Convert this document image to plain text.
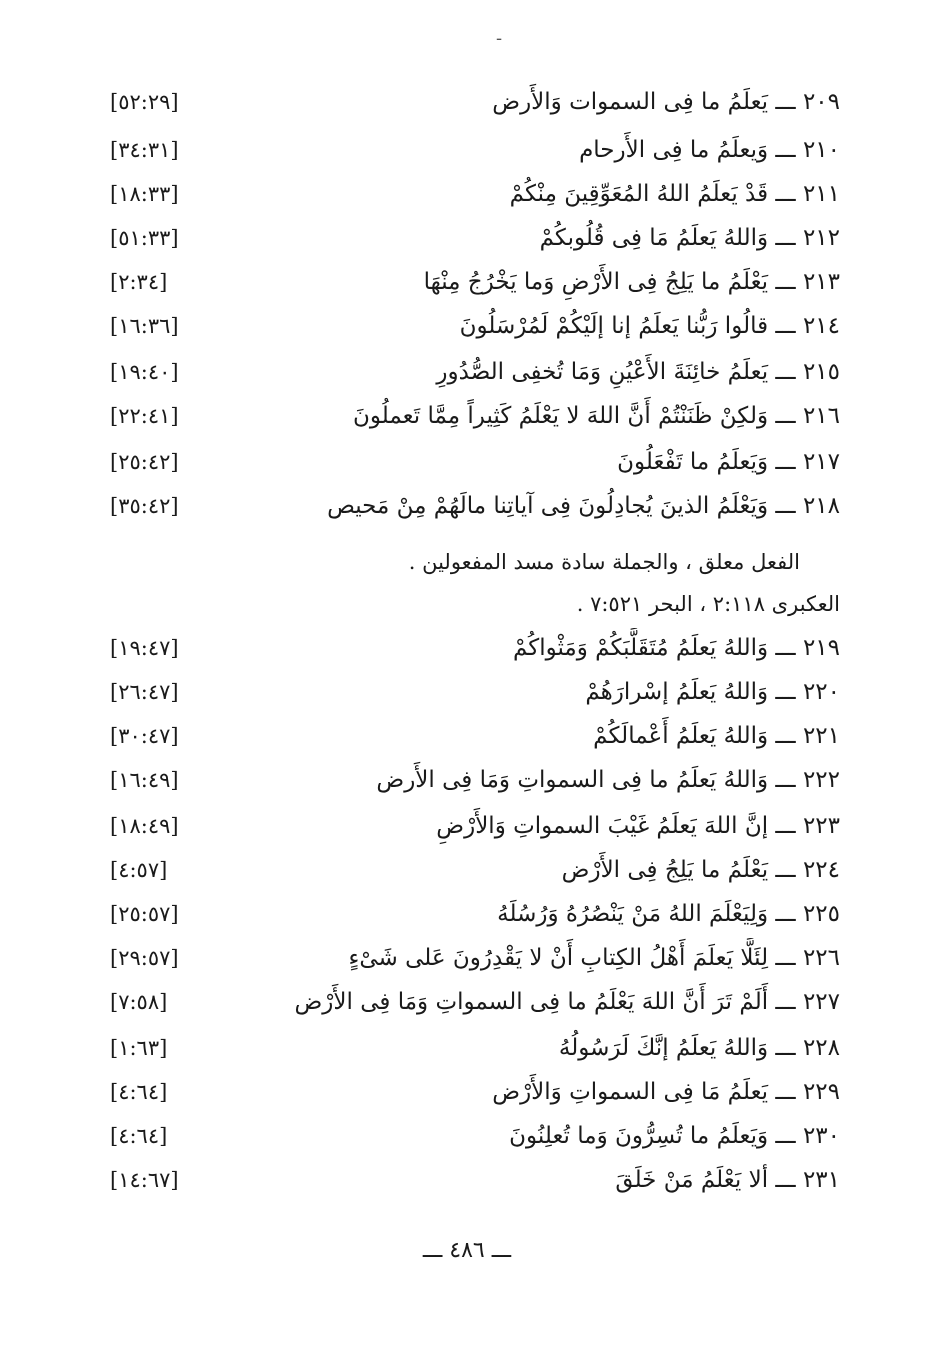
-
٢٠٩ ـــ يَعلَمُ ما فِى السموات وَالأَرض
[٥٢:٢٩]
٢١٠ ـــ وَيعلَمُ ما فِى الأَرحام
[٣٤:٣١]
٢١١ ـــ قَدْ يَعلَمُ اللهُ المُعَوِّقِينَ مِنْكُمْ
[١٨:٣٣]
٢١٢ ـــ وَاللهُ يَعلَمُ مَا فِى قُلُوبكُمْ
[٥١:٣٣]
٢١٣ ـــ يَعْلَمُ ما يَلِجُ فِى الأَرْضِ وَما يَخْرُجُ مِنْهَا
[٢:٣٤]
٢١٤ ـــ قالُوا رَبُّنا يَعلَمُ إنا إلَيْكُمْ لَمُرْسَلُونَ
[١٦:٣٦]
٢١٥ ـــ يَعلَمُ خائِنَةَ الأَعْيُنِ وَمَا تُخفِى الصُّدُورِ
[١٩:٤٠]
٢١٦ ـــ وَلكِنْ ظَنَنْتُمْ أَنَّ اللهَ لا يَعْلَمُ كَثِيراً مِمَّا تَعملُونَ
[٢٢:٤١]
٢١٧ ـــ وَيَعلَمُ ما تَفْعَلُونَ
[٢٥:٤٢]
٢١٨ ـــ وَيَعْلَمُ الذينَ يُجادِلُونَ فِى آياتِنا مالَهُمْ مِنْ مَحيص
[٣٥:٤٢]
الفعل معلق ، والجملة سادة مسد المفعولين .
العكبرى ٢:١١٨ ، البحر ٧:٥٢١ .
٢١٩ ـــ وَاللهُ يَعلَمُ مُتَقَلَّبَكُمْ وَمَثْواكُمْ
[١٩:٤٧]
٢٢٠ ـــ وَاللهُ يَعلَمُ إسْرارَهُمْ
[٢٦:٤٧]
٢٢١ ـــ وَاللهُ يَعلَمُ أَعْمالَكُمْ
[٣٠:٤٧]
٢٢٢ ـــ وَاللهُ يَعلَمُ ما فِى السمواتِ وَمَا فِى الأَرض
[١٦:٤٩]
٢٢٣ ـــ إنَّ اللهَ يَعلَمُ غَيْبَ السمواتِ وَالأَرْضِ
[١٨:٤٩]
٢٢٤ ـــ يَعْلَمُ ما يَلِجُ فِى الأَرْض
[٤:٥٧]
٢٢٥ ـــ وَلِيَعْلَمَ اللهُ مَنْ يَنْصُرُهُ وَرُسُلَهُ
[٢٥:٥٧]
٢٢٦ ـــ لِئَلَّا يَعلَمَ أَهْلُ الكِتابِ أَنْ لا يَقْدِرُونَ عَلى شَىْءٍ
[٢٩:٥٧]
٢٢٧ ـــ أَلَمْ تَرَ أَنَّ اللهَ يَعْلَمُ ما فِى السمواتِ وَمَا فِى الأَرْض
[٧:٥٨]
٢٢٨ ـــ وَاللهُ يَعلَمُ إنَّكَ لَرَسُولُهُ
[١:٦٣]
٢٢٩ ـــ يَعلَمُ مَا فِى السمواتِ وَالأَرْض
[٤:٦٤]
٢٣٠ ـــ وَيَعلَمُ ما تُسِرُّونَ وَما تُعلِنُونَ
[٤:٦٤]
٢٣١ ـــ ألا يَعْلَمُ مَنْ خَلَقَ
[١٤:٦٧]
ـــ ٤٨٦ ـــ
